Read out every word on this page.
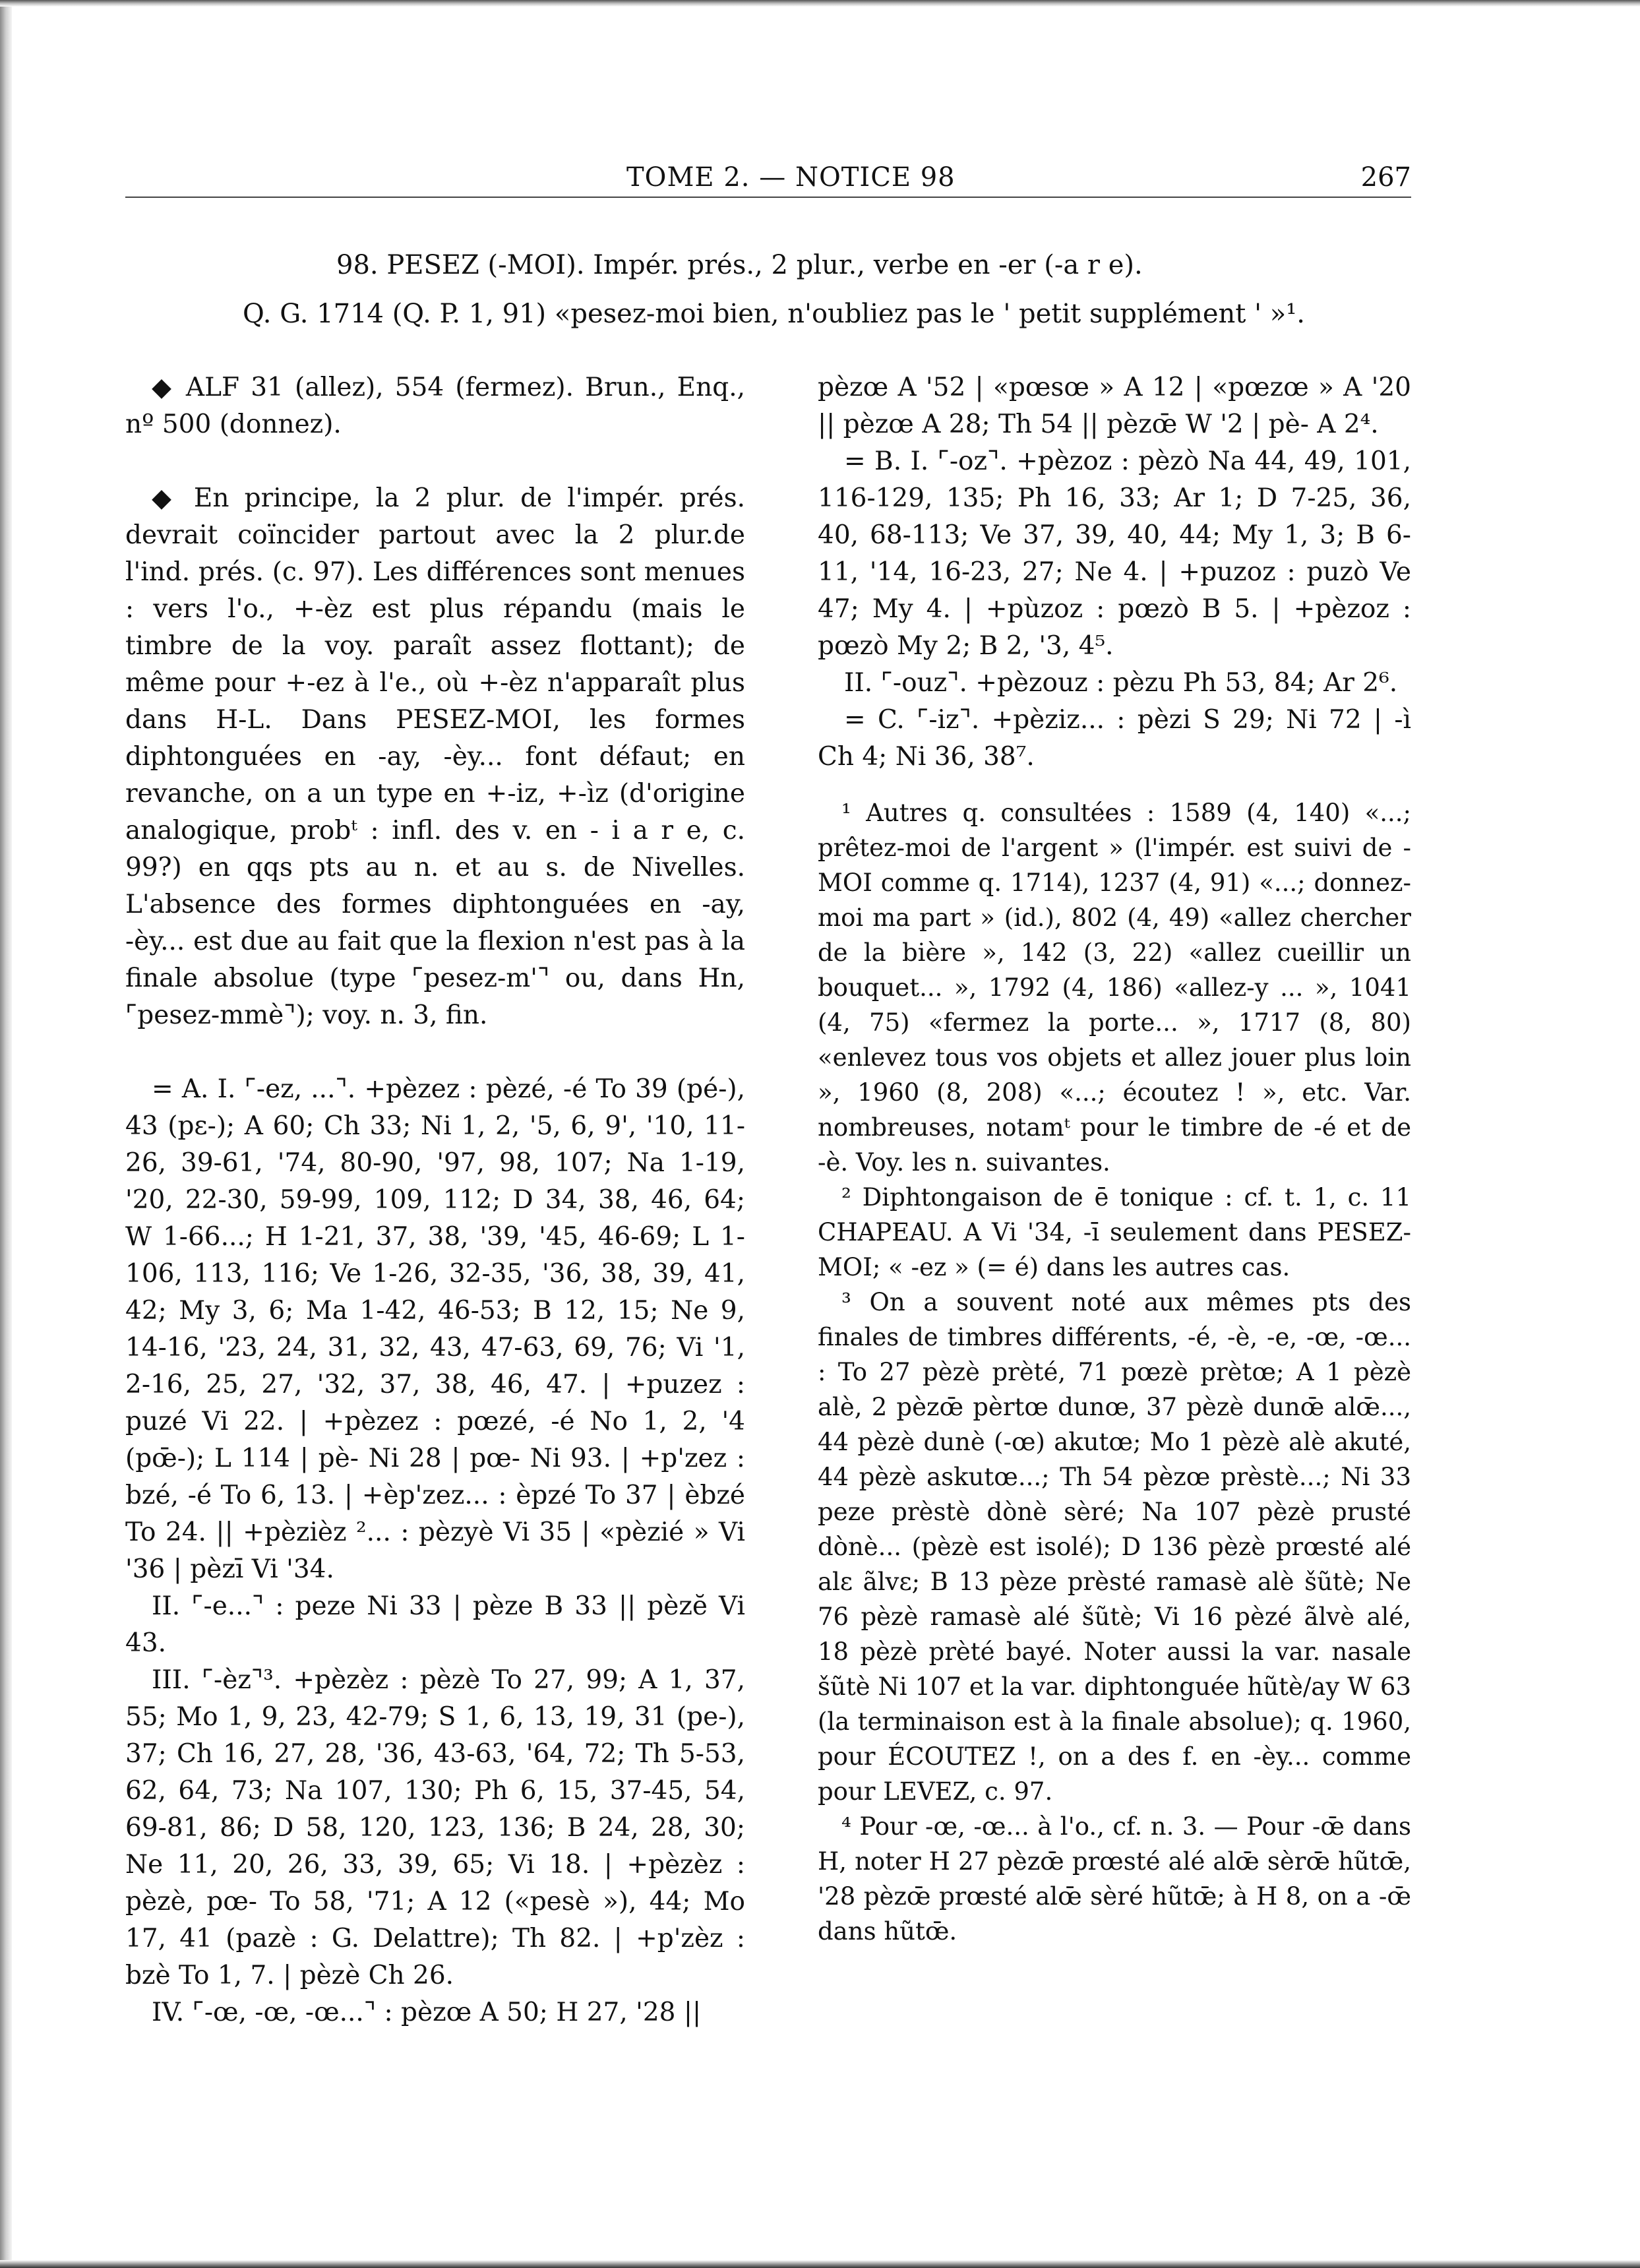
TOME 2. — NOTICE 98	267
98. PESEZ (-MOI). Impér. prés., 2 plur., verbe en -er (-a r e).
Q. G. 1714 (Q. P. 1, 91) «pesez-moi bien, n'oubliez pas le ' petit supplément ' »¹.

◆ ALF 31 (allez), 554 (fermez). Brun., Enq., nº 500 (donnez).

◆ En principe, la 2 plur. de l'impér. prés. devrait coïncider partout avec la 2 plur.de l'ind. prés. (c. 97). Les différences sont menues : vers l'o., +-èz est plus répandu (mais le timbre de la voy. paraît assez flottant); de même pour +-ez à l'e., où +-èz n'apparaît plus dans H-L. Dans PESEZ-MOI, les formes diphtonguées en -ay, -èy... font défaut; en revanche, on a un type en +-iz, +-ìz (d'origine analogique, probᵗ : infl. des v. en - i a r e, c. 99?) en qqs pts au n. et au s. de Nivelles. L'absence des formes diphtonguées en -ay, -èy... est due au fait que la flexion n'est pas à la finale absolue (type ⌜pesez-m'⌝ ou, dans Hn, ⌜pesez-mmè⌝); voy. n. 3, fin.

= A. I. ⌜-ez, ...⌝. +pèzez : pèzé, -é To 39 (pé-), 43 (pɛ-); A 60; Ch 33; Ni 1, 2, '5, 6, 9', '10, 11-26, 39-61, '74, 80-90, '97, 98, 107; Na 1-19, '20, 22-30, 59-99, 109, 112; D 34, 38, 46, 64; W 1-66...; H 1-21, 37, 38, '39, '45, 46-69; L 1-106, 113, 116; Ve 1-26, 32-35, '36, 38, 39, 41, 42; My 3, 6; Ma 1-42, 46-53; B 12, 15; Ne 9, 14-16, '23, 24, 31, 32, 43, 47-63, 69, 76; Vi '1, 2-16, 25, 27, '32, 37, 38, 46, 47. | +puzez : puzé Vi 22. | +pèzez : pœzé, -é No 1, 2, '4 (pœ̄-); L 114 | pè- Ni 28 | pœ- Ni 93. | +p'zez : bzé, -é To 6, 13. | +èp'zez... : èpzé To 37 | èbzé To 24. || +pèzièz ²... : pèzyè Vi 35 | «pèzié » Vi '36 | pèzī Vi '34.

II. ⌜-e...⌝ : peze Ni 33 | pèze B 33 || pèzĕ Vi 43.

III. ⌜-èz⌝³. +pèzèz : pèzè To 27, 99; A 1, 37, 55; Mo 1, 9, 23, 42-79; S 1, 6, 13, 19, 31 (pe-), 37; Ch 16, 27, 28, '36, 43-63, '64, 72; Th 5-53, 62, 64, 73; Na 107, 130; Ph 6, 15, 37-45, 54, 69-81, 86; D 58, 120, 123, 136; B 24, 28, 30; Ne 11, 20, 26, 33, 39, 65; Vi 18. | +pèzèz : pèzè, pœ- To 58, '71; A 12 («pesè »), 44; Mo 17, 41 (pazè : G. Delattre); Th 82. | +p'zèz : bzè To 1, 7. | pèzè Ch 26.

IV. ⌜-œ, -œ, -œ...⌝ : pèzœ A 50; H 27, '28 ||

pèzœ A '52 | «pœsœ » A 12 | «pœzœ » A '20 || pèzœ A 28; Th 54 || pèzœ̄ W '2 | pè- A 2⁴.

= B. I. ⌜-oz⌝. +pèzoz : pèzò Na 44, 49, 101, 116-129, 135; Ph 16, 33; Ar 1; D 7-25, 36, 40, 68-113; Ve 37, 39, 40, 44; My 1, 3; B 6-11, '14, 16-23, 27; Ne 4. | +puzoz : puzò Ve 47; My 4. | +pùzoz : pœzò B 5. | +pèzoz : pœzò My 2; B 2, '3, 4⁵.

II. ⌜-ouz⌝. +pèzouz : pèzu Ph 53, 84; Ar 2⁶.

= C. ⌜-iz⌝. +pèziz... : pèzi S 29; Ni 72 | -ì Ch 4; Ni 36, 38⁷.

¹ Autres q. consultées : 1589 (4, 140) «...; prêtez-moi de l'argent » (l'impér. est suivi de -MOI comme q. 1714), 1237 (4, 91) «...; donnez-moi ma part » (id.), 802 (4, 49) «allez chercher de la bière », 142 (3, 22) «allez cueillir un bouquet... », 1792 (4, 186) «allez-y ... », 1041 (4, 75) «fermez la porte... », 1717 (8, 80) «enlevez tous vos objets et allez jouer plus loin », 1960 (8, 208) «...; écoutez ! », etc. Var. nombreuses, notamᵗ pour le timbre de -é et de -è. Voy. les n. suivantes.

² Diphtongaison de ē tonique : cf. t. 1, c. 11 CHAPEAU. A Vi '34, -ī seulement dans PESEZ-MOI; « -ez » (= é) dans les autres cas.

³ On a souvent noté aux mêmes pts des finales de timbres différents, -é, -è, -e, -œ, -œ... : To 27 pèzè prèté, 71 pœzè prètœ; A 1 pèzè alè, 2 pèzœ̄ pèrtœ dunœ, 37 pèzè dunœ̄ alœ̄..., 44 pèzè dunè (-œ) akutœ; Mo 1 pèzè alè akuté, 44 pèzè askutœ...; Th 54 pèzœ prèstè...; Ni 33 peze prèstè dònè sèré; Na 107 pèzè prusté dònè... (pèzè est isolé); D 136 pèzè prœsté alé alɛ ãlvɛ; B 13 pèze prèsté ramasè alè šũtè; Ne 76 pèzè ramasè alé šũtè; Vi 16 pèzé ãlvè alé, 18 pèzè prèté bayé. Noter aussi la var. nasale šũtè Ni 107 et la var. diphtonguée hũtè/ay W 63 (la terminaison est à la finale absolue); q. 1960, pour ÉCOUTEZ !, on a des f. en -èy... comme pour LEVEZ, c. 97.

⁴ Pour -œ, -œ... à l'o., cf. n. 3. — Pour -œ̄ dans H, noter H 27 pèzœ̄ prœsté alé alœ̄ sèrœ̄ hũtœ̄, '28 pèzœ̄ prœsté alœ̄ sèré hũtœ̄; à H 8, on a -œ̄ dans hũtœ̄.
